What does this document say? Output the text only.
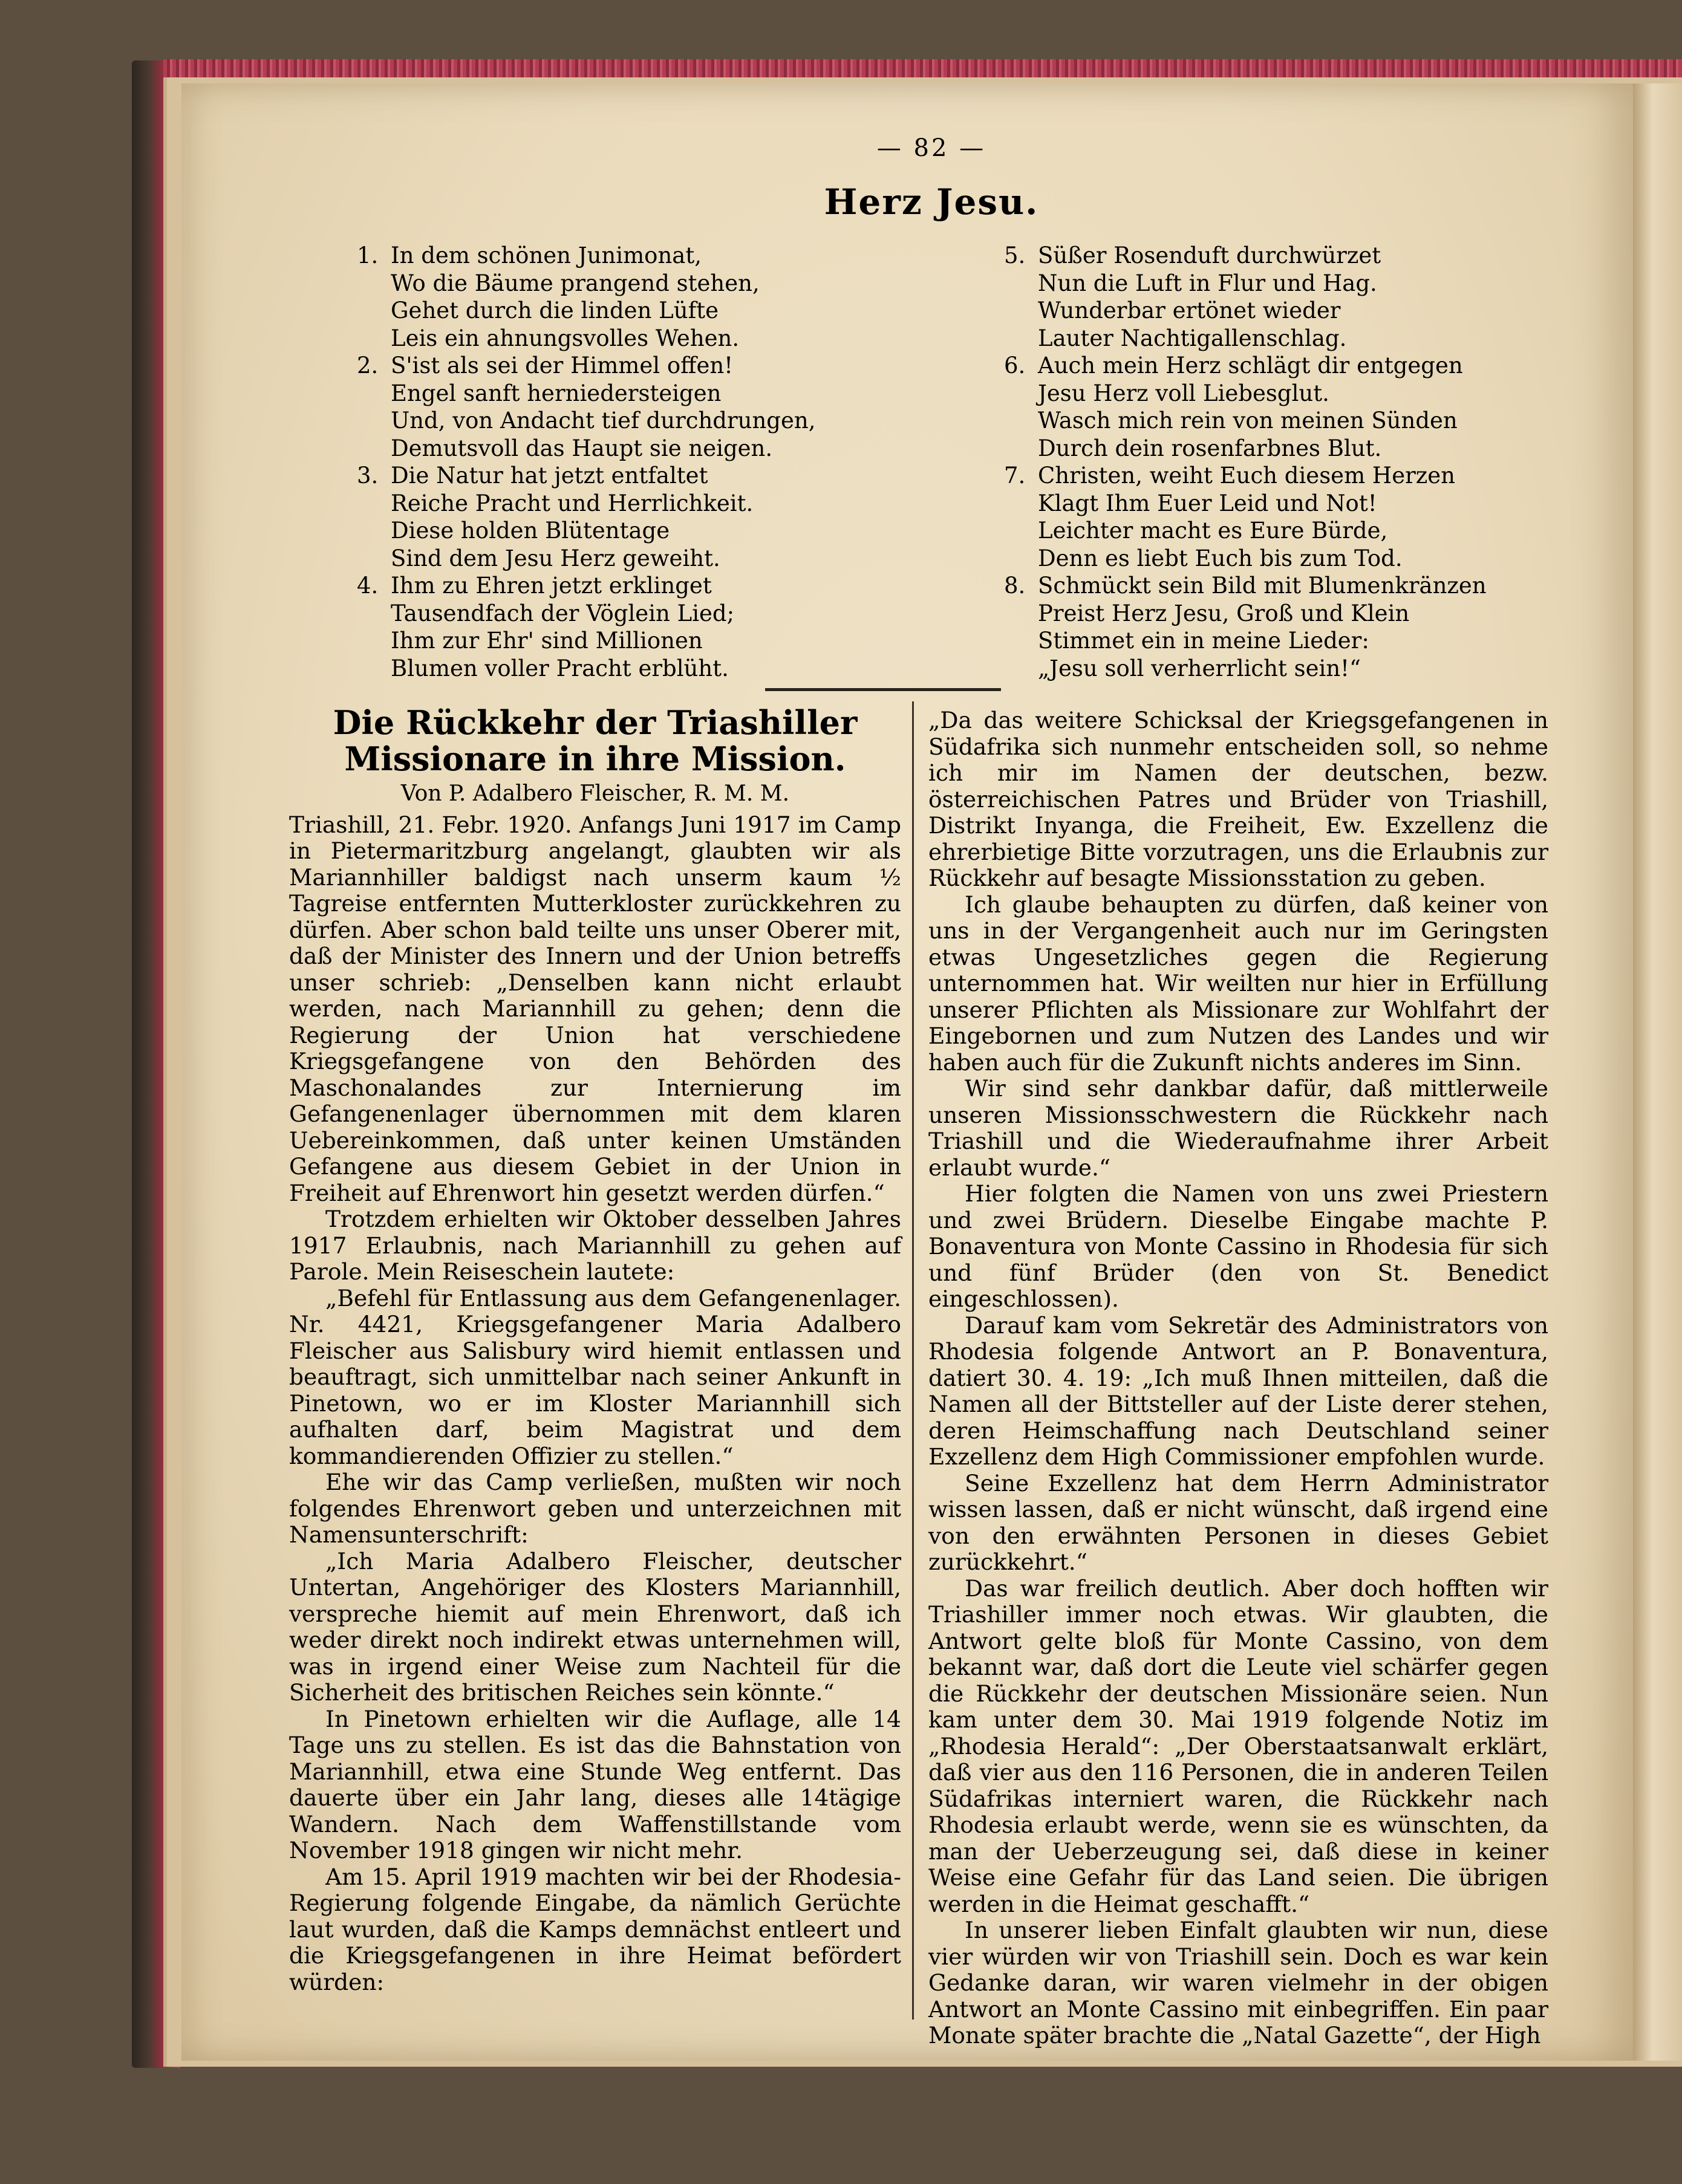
— 82 —
Herz Jesu.
1. In dem schönen Junimonat,
Wo die Bäume prangend stehen,
Gehet durch die linden Lüfte
Leis ein ahnungsvolles Wehen.
2. S'ist als sei der Himmel offen!
Engel sanft herniedersteigen
Und, von Andacht tief durchdrungen,
Demutsvoll das Haupt sie neigen.
3. Die Natur hat jetzt entfaltet
Reiche Pracht und Herrlichkeit.
Diese holden Blütentage
Sind dem Jesu Herz geweiht.
4. Ihm zu Ehren jetzt erklinget
Tausendfach der Vöglein Lied;
Ihm zur Ehr' sind Millionen
Blumen voller Pracht erblüht.
5. Süßer Rosenduft durchwürzet
Nun die Luft in Flur und Hag.
Wunderbar ertönet wieder
Lauter Nachtigallenschlag.
6. Auch mein Herz schlägt dir entgegen
Jesu Herz voll Liebesglut.
Wasch mich rein von meinen Sünden
Durch dein rosenfarbnes Blut.
7. Christen, weiht Euch diesem Herzen
Klagt Ihm Euer Leid und Not!
Leichter macht es Eure Bürde,
Denn es liebt Euch bis zum Tod.
8. Schmückt sein Bild mit Blumenkränzen
Preist Herz Jesu, Groß und Klein
Stimmet ein in meine Lieder:
„Jesu soll verherrlicht sein!“
Die Rückkehr der Triashiller Missionare in ihre Mission.
Von P. Adalbero Fleischer, R. M. M.

Triashill, 21. Febr. 1920. Anfangs Juni 1917 im Camp in Pietermaritzburg angelangt, glaubten wir als Mariannhiller baldigst nach unserm kaum ½ Tagreise entfernten Mutterkloster zurückkehren zu dürfen. Aber schon bald teilte uns unser Oberer mit, daß der Minister des Innern und der Union betreffs unser schrieb: „Denselben kann nicht erlaubt werden, nach Mariannhill zu gehen; denn die Regierung der Union hat verschiedene Kriegsgefangene von den Behörden des Maschonalandes zur Internierung im Gefangenenlager übernommen mit dem klaren Uebereinkommen, daß unter keinen Umständen Gefangene aus diesem Gebiet in der Union in Freiheit auf Ehrenwort hin gesetzt werden dürfen.“

Trotzdem erhielten wir Oktober desselben Jahres 1917 Erlaubnis, nach Mariannhill zu gehen auf Parole. Mein Reiseschein lautete:

„Befehl für Entlassung aus dem Gefangenenlager. Nr. 4421, Kriegsgefangener Maria Adalbero Fleischer aus Salisbury wird hiemit entlassen und beauftragt, sich unmittelbar nach seiner Ankunft in Pinetown, wo er im Kloster Mariannhill sich aufhalten darf, beim Magistrat und dem kommandierenden Offizier zu stellen.“

Ehe wir das Camp verließen, mußten wir noch folgendes Ehrenwort geben und unterzeichnen mit Namensunterschrift:

„Ich Maria Adalbero Fleischer, deutscher Untertan, Angehöriger des Klosters Mariannhill, verspreche hiemit auf mein Ehrenwort, daß ich weder direkt noch indirekt etwas unternehmen will, was in irgend einer Weise zum Nachteil für die Sicherheit des britischen Reiches sein könnte.“

In Pinetown erhielten wir die Auflage, alle 14 Tage uns zu stellen. Es ist das die Bahnstation von Mariannhill, etwa eine Stunde Weg entfernt. Das dauerte über ein Jahr lang, dieses alle 14tägige Wandern. Nach dem Waffenstillstande vom November 1918 gingen wir nicht mehr.

Am 15. April 1919 machten wir bei der Rhodesia-Regierung folgende Eingabe, da nämlich Gerüchte laut wurden, daß die Kamps demnächst entleert und die Kriegsgefangenen in ihre Heimat befördert würden:

„Da das weitere Schicksal der Kriegsgefangenen in Südafrika sich nunmehr entscheiden soll, so nehme ich mir im Namen der deutschen, bezw. österreichischen Patres und Brüder von Triashill, Distrikt Inyanga, die Freiheit, Ew. Exzellenz die ehrerbietige Bitte vorzutragen, uns die Erlaubnis zur Rückkehr auf besagte Missionsstation zu geben.

Ich glaube behaupten zu dürfen, daß keiner von uns in der Vergangenheit auch nur im Geringsten etwas Ungesetzliches gegen die Regierung unternommen hat. Wir weilten nur hier in Erfüllung unserer Pflichten als Missionare zur Wohlfahrt der Eingebornen und zum Nutzen des Landes und wir haben auch für die Zukunft nichts anderes im Sinn.

Wir sind sehr dankbar dafür, daß mittlerweile unseren Missionsschwestern die Rückkehr nach Triashill und die Wiederaufnahme ihrer Arbeit erlaubt wurde.“

Hier folgten die Namen von uns zwei Priestern und zwei Brüdern. Dieselbe Eingabe machte P. Bonaventura von Monte Cassino in Rhodesia für sich und fünf Brüder (den von St. Benedict eingeschlossen).

Darauf kam vom Sekretär des Administrators von Rhodesia folgende Antwort an P. Bonaventura, datiert 30. 4. 19: „Ich muß Ihnen mitteilen, daß die Namen all der Bittsteller auf der Liste derer stehen, deren Heimschaffung nach Deutschland seiner Exzellenz dem High Commissioner empfohlen wurde.

Seine Exzellenz hat dem Herrn Administrator wissen lassen, daß er nicht wünscht, daß irgend eine von den erwähnten Personen in dieses Gebiet zurückkehrt.“

Das war freilich deutlich. Aber doch hofften wir Triashiller immer noch etwas. Wir glaubten, die Antwort gelte bloß für Monte Cassino, von dem bekannt war, daß dort die Leute viel schärfer gegen die Rückkehr der deutschen Missionäre seien. Nun kam unter dem 30. Mai 1919 folgende Notiz im „Rhodesia Herald“: „Der Oberstaatsanwalt erklärt, daß vier aus den 116 Personen, die in anderen Teilen Südafrikas interniert waren, die Rückkehr nach Rhodesia erlaubt werde, wenn sie es wünschten, da man der Ueberzeugung sei, daß diese in keiner Weise eine Gefahr für das Land seien. Die übrigen werden in die Heimat geschafft.“

In unserer lieben Einfalt glaubten wir nun, diese vier würden wir von Triashill sein. Doch es war kein Gedanke daran, wir waren vielmehr in der obigen Antwort an Monte Cassino mit einbegriffen. Ein paar Monate später brachte die „Natal Gazette“, der High
